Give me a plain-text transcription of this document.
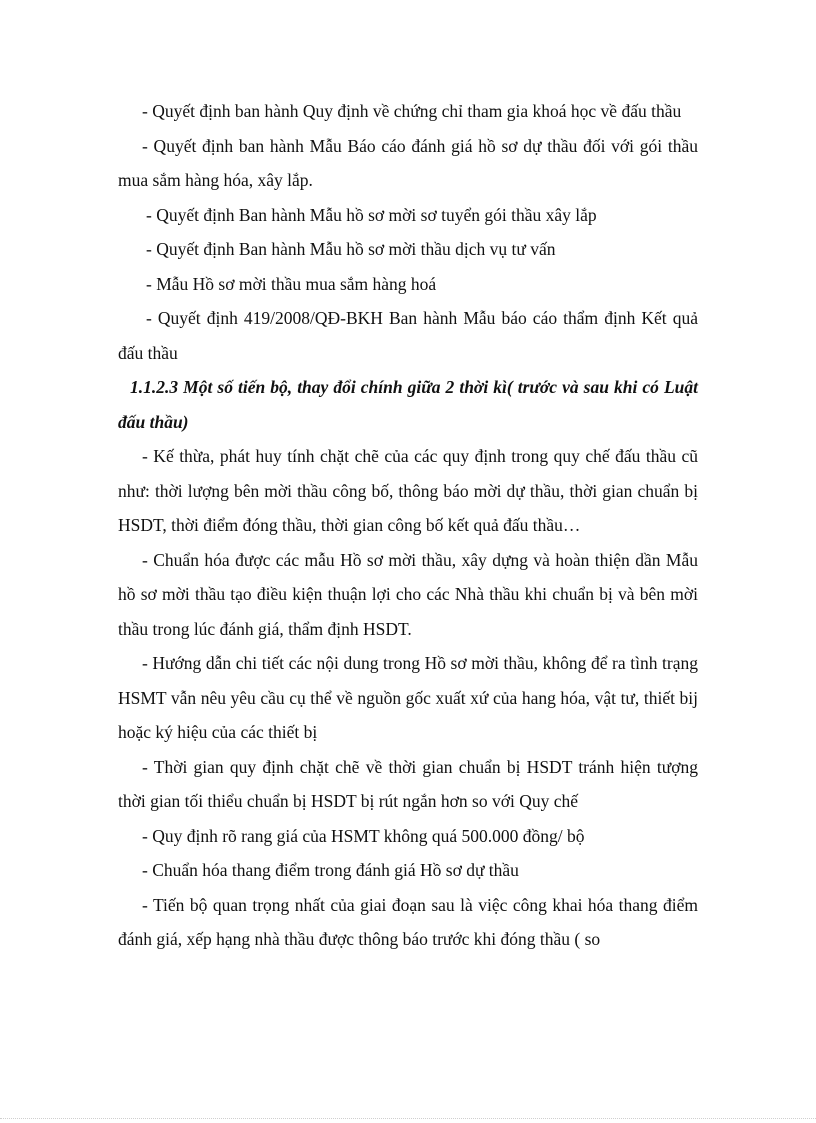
- Quyết định ban hành Quy định về chứng chỉ tham gia khoá học về đấu thầu

- Quyết định ban hành Mẫu Báo cáo đánh giá hồ sơ dự thầu đối với gói thầu mua sắm hàng hóa, xây lắp.

- Quyết định Ban hành Mẫu hồ sơ mời sơ tuyển gói thầu xây lắp

- Quyết định Ban hành Mẫu hồ sơ mời thầu dịch vụ tư vấn

- Mẫu Hồ sơ mời thầu mua sắm hàng hoá

- Quyết định 419/2008/QĐ-BKH Ban hành Mẫu báo cáo thẩm định Kết quả đấu thầu

1.1.2.3 Một số tiến bộ, thay đổi chính giữa 2 thời kì( trước và sau khi có Luật đấu thầu)

- Kế thừa, phát huy tính chặt chẽ của các quy định trong quy chế đấu thầu cũ như: thời lượng bên mời thầu công bố, thông báo mời dự thầu, thời gian chuẩn bị HSDT, thời điểm đóng thầu, thời gian công bố kết quả đấu thầu…

- Chuẩn hóa được các mẫu Hồ sơ mời thầu, xây dựng và hoàn thiện dần Mẫu hồ sơ mời thầu tạo điều kiện thuận lợi cho các Nhà thầu khi chuẩn bị và bên mời thầu trong lúc đánh giá, thẩm định HSDT.

- Hướng dẫn chi tiết các nội dung trong Hồ sơ mời thầu, không để ra tình trạng HSMT vẫn nêu yêu cầu cụ thể về nguồn gốc xuất xứ của hang hóa, vật tư, thiết bij hoặc ký hiệu của các thiết bị

- Thời gian quy định chặt chẽ về thời gian chuẩn bị HSDT tránh hiện tượng thời gian tối thiểu chuẩn bị HSDT bị rút ngắn hơn so với Quy chế

- Quy định rõ rang giá của HSMT không quá 500.000 đồng/ bộ

- Chuẩn hóa thang điểm trong đánh giá Hồ sơ dự thầu

- Tiến bộ quan trọng nhất của giai đoạn sau là việc công khai hóa thang điểm đánh giá, xếp hạng nhà thầu được thông báo trước khi đóng thầu ( so
